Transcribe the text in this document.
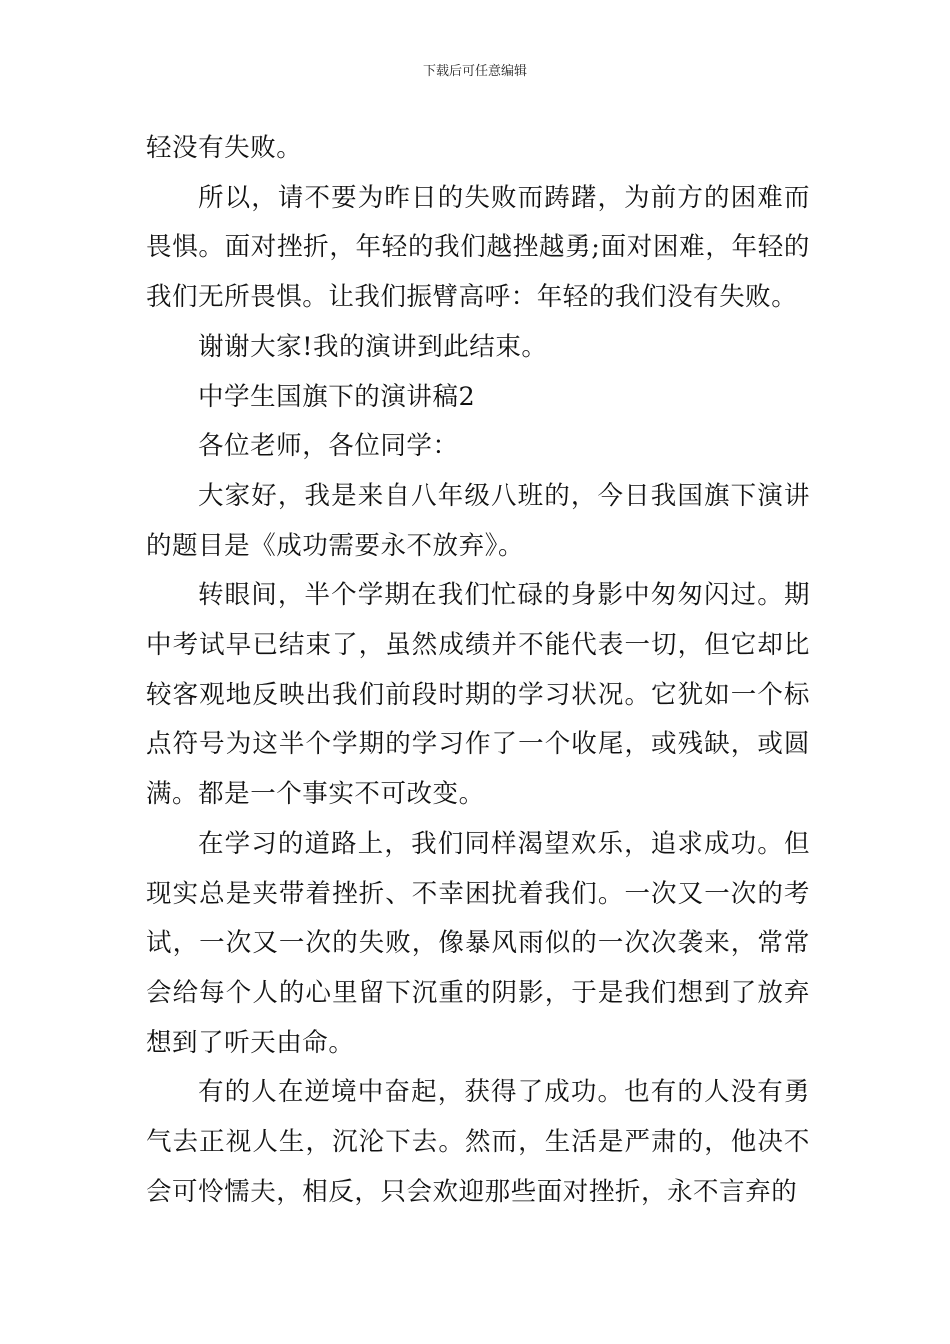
下载后可任意编辑

轻没有失败。

所以，请不要为昨日的失败而踌躇，为前方的困难而畏惧。面对挫折，年轻的我们越挫越勇;面对困难，年轻的我们无所畏惧。让我们振臂高呼：年轻的我们没有失败。

谢谢大家!我的演讲到此结束。

中学生国旗下的演讲稿2

各位老师，各位同学：

大家好，我是来自八年级八班的，今日我国旗下演讲的题目是《成功需要永不放弃》。

转眼间，半个学期在我们忙碌的身影中匆匆闪过。期中考试早已结束了，虽然成绩并不能代表一切，但它却比较客观地反映出我们前段时期的学习状况。它犹如一个标点符号为这半个学期的学习作了一个收尾，或残缺，或圆满。都是一个事实不可改变。

在学习的道路上，我们同样渴望欢乐，追求成功。但现实总是夹带着挫折、不幸困扰着我们。一次又一次的考试，一次又一次的失败，像暴风雨似的一次次袭来，常常会给每个人的心里留下沉重的阴影，于是我们想到了放弃想到了听天由命。

有的人在逆境中奋起，获得了成功。也有的人没有勇气去正视人生，沉沦下去。然而，生活是严肃的，他决不会可怜懦夫，相反，只会欢迎那些面对挫折，永不言弃的
